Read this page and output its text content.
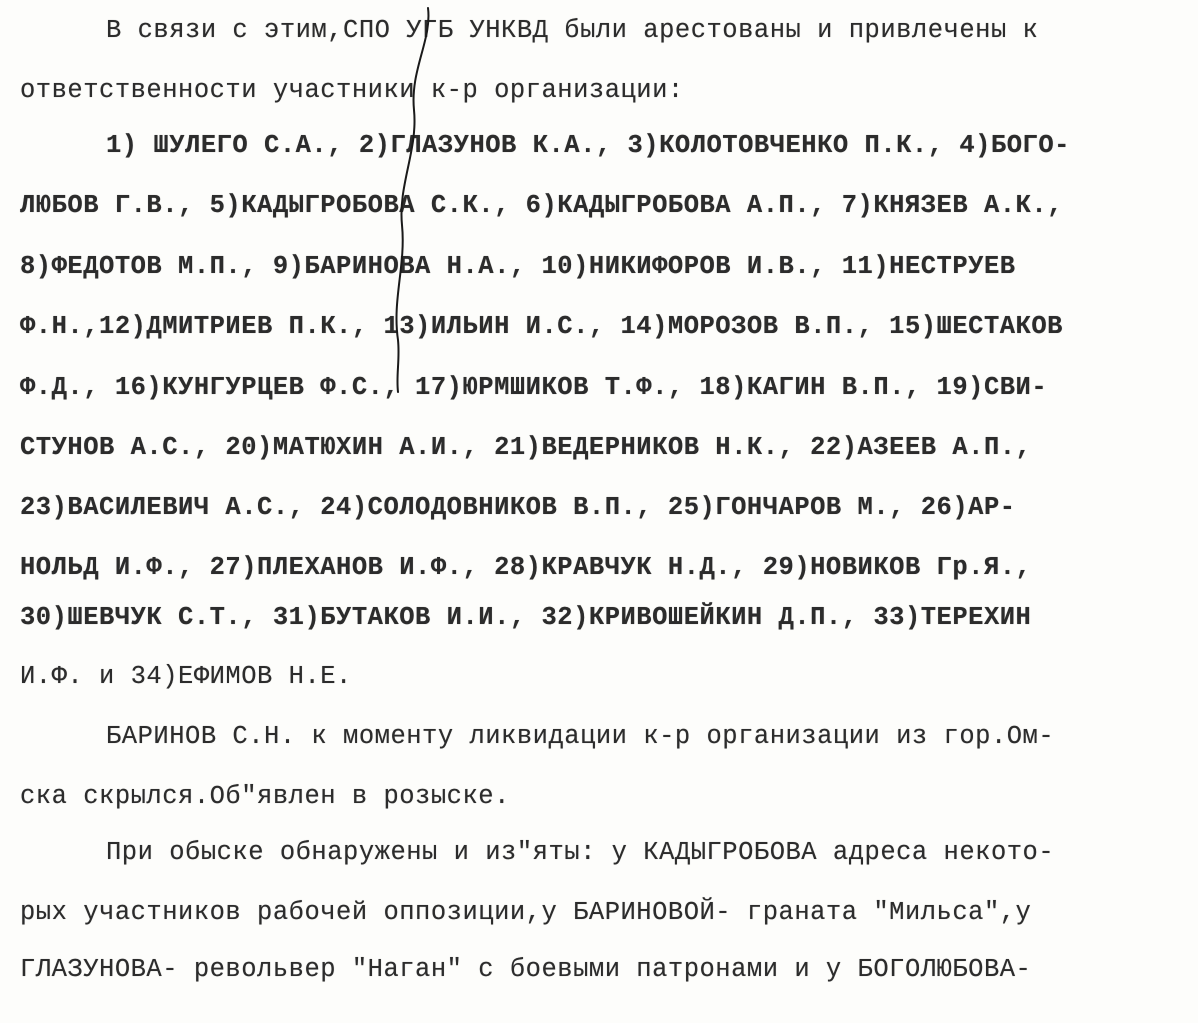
В связи с этим,СПО УГБ УНКВД были арестованы и привлечены к
ответственности участники к-р организации:
1) ШУЛЕГО С.А., 2)ГЛАЗУНОВ К.А., 3)КОЛОТОВЧЕНКО П.К., 4)БОГО-
ЛЮБОВ Г.В., 5)КАДЫГРОБОВА С.К., 6)КАДЫГРОБОВА А.П., 7)КНЯЗЕВ А.К.,
8)ФЕДОТОВ М.П., 9)БАРИНОВА Н.А., 10)НИКИФОРОВ И.В., 11)НЕСТРУЕВ
Ф.Н.,12)ДМИТРИЕВ П.К., 13)ИЛЬИН И.С., 14)МОРОЗОВ В.П., 15)ШЕСТАКОВ
Ф.Д., 16)КУНГУРЦЕВ Ф.С., 17)ЮРМШИКОВ Т.Ф., 18)КАГИН В.П., 19)СВИ-
СТУНОВ А.С., 20)МАТЮХИН А.И., 21)ВЕДЕРНИКОВ Н.К., 22)АЗЕЕВ А.П.,
23)ВАСИЛЕВИЧ А.С., 24)СОЛОДОВНИКОВ В.П., 25)ГОНЧАРОВ М., 26)АР-
НОЛЬД И.Ф., 27)ПЛЕХАНОВ И.Ф., 28)КРАВЧУК Н.Д., 29)НОВИКОВ Гр.Я.,
30)ШЕВЧУК С.Т., 31)БУТАКОВ И.И., 32)КРИВОШЕЙКИН Д.П., 33)ТЕРЕХИН
И.Ф. и 34)ЕФИМОВ Н.Е.
БАРИНОВ С.Н. к моменту ликвидации к-р организации из гор.Ом-
ска скрылся.Об"явлен в розыске.
При обыске обнаружены и из"яты: у КАДЫГРОБОВА адреса некото-
рых участников рабочей оппозиции,у БАРИНОВОЙ- граната "Мильса",у
ГЛАЗУНОВА- револьвер "Наган" с боевыми патронами и у БОГОЛЮБОВА-
